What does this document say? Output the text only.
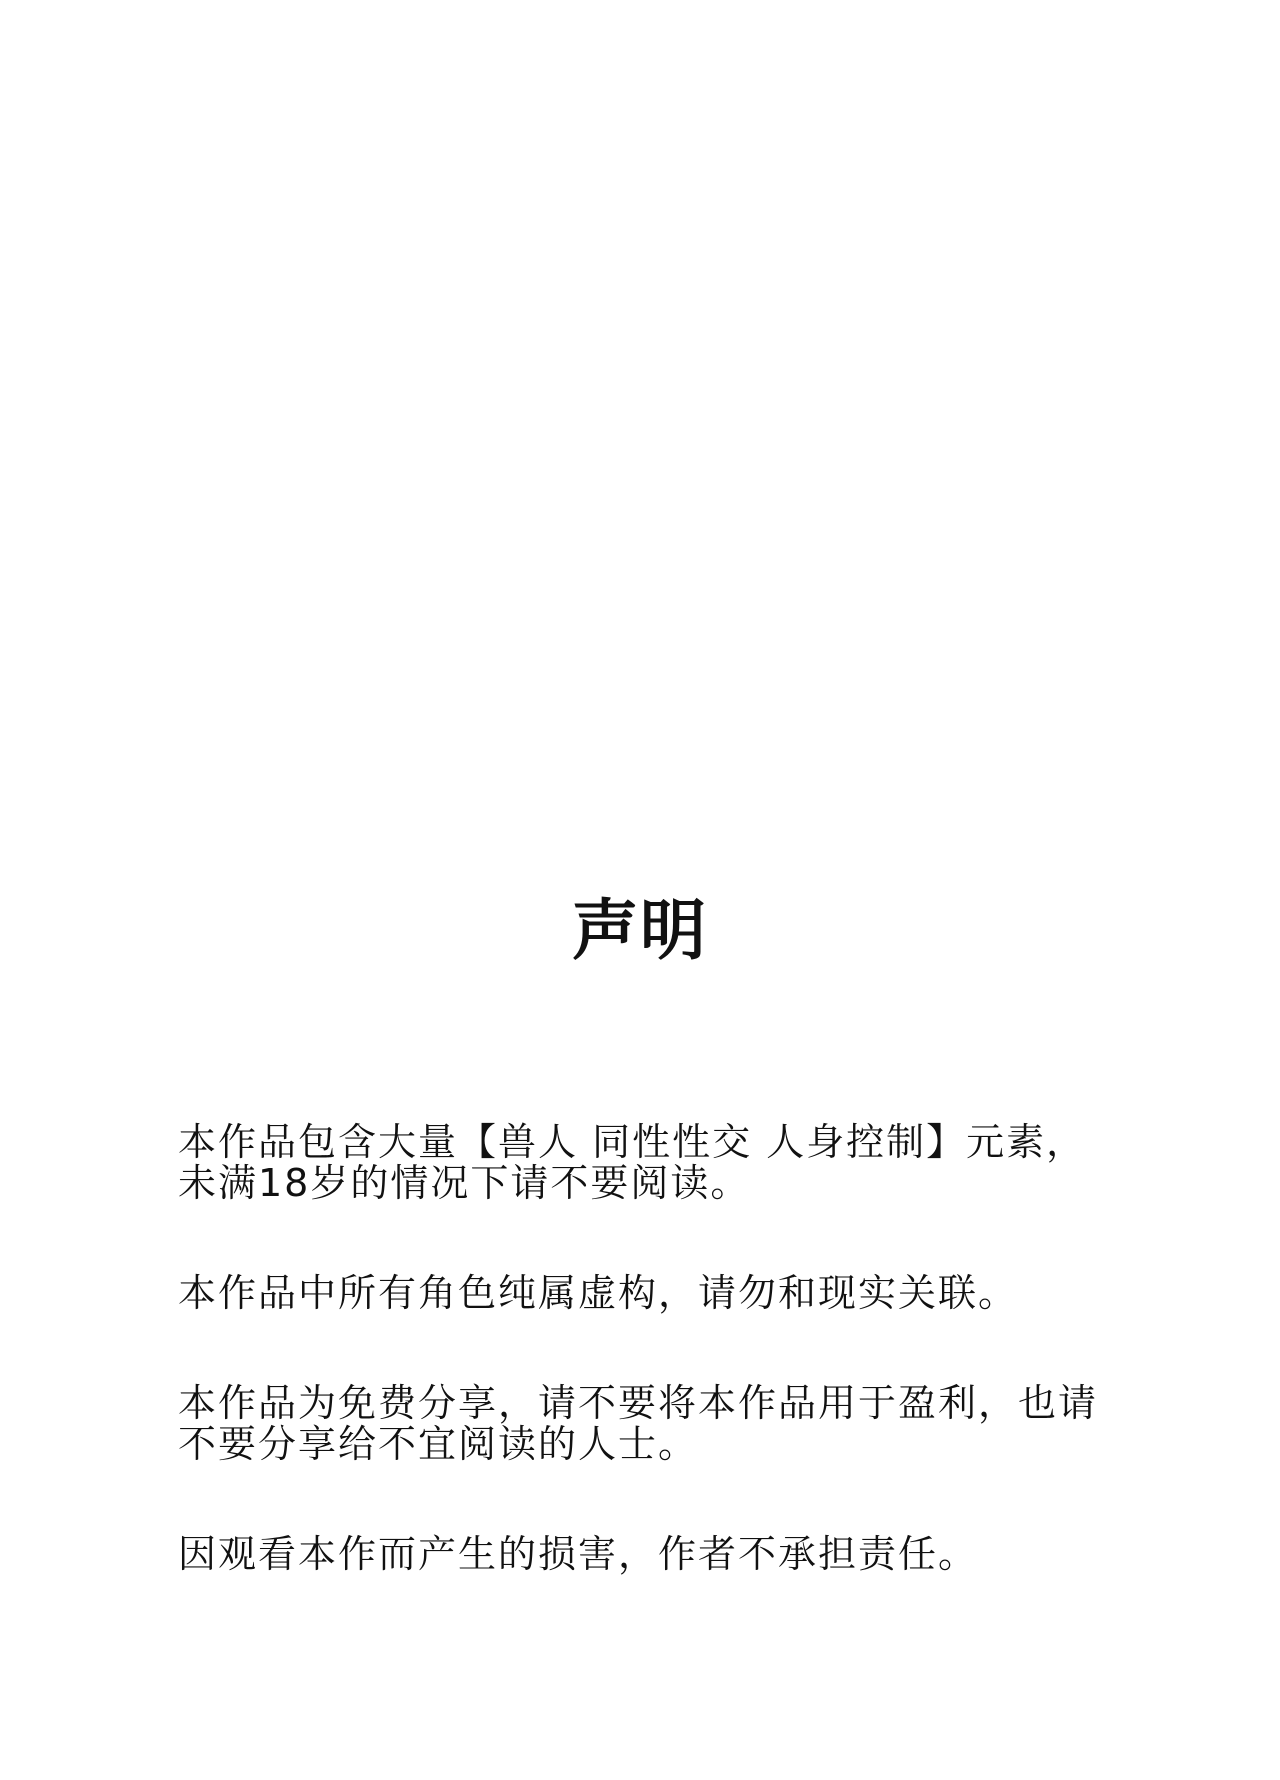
声明

本作品包含大量【兽人 同性性交 人身控制】元素，
未满18岁的情况下请不要阅读。

本作品中所有角色纯属虚构，请勿和现实关联。

本作品为免费分享，请不要将本作品用于盈利，也请
不要分享给不宜阅读的人士。

因观看本作而产生的损害，作者不承担责任。
